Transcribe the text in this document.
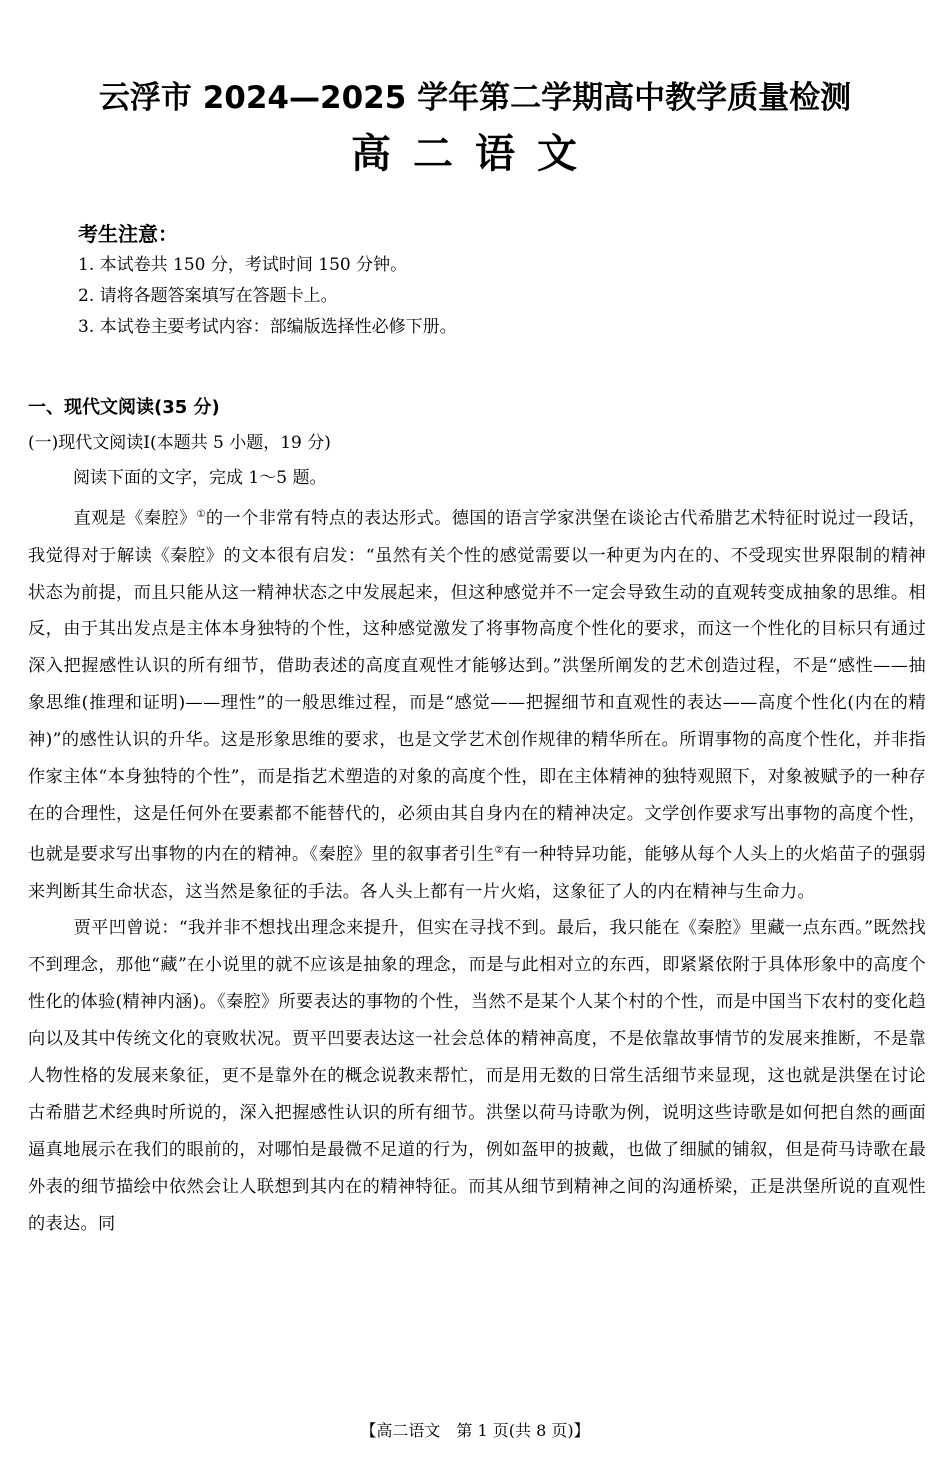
云浮市 2024—2025 学年第二学期高中教学质量检测
高二语文
考生注意：
1. 本试卷共 150 分，考试时间 150 分钟。
2. 请将各题答案填写在答题卡上。
3. 本试卷主要考试内容：部编版选择性必修下册。
一、现代文阅读(35 分)
(一)现代文阅读Ⅰ(本题共 5 小题，19 分)
阅读下面的文字，完成 1～5 题。

直观是《秦腔》①的一个非常有特点的表达形式。德国的语言学家洪堡在谈论古代希腊艺术特征时说过一段话，我觉得对于解读《秦腔》的文本很有启发：“虽然有关个性的感觉需要以一种更为内在的、不受现实世界限制的精神状态为前提，而且只能从这一精神状态之中发展起来，但这种感觉并不一定会导致生动的直观转变成抽象的思维。相反，由于其出发点是主体本身独特的个性，这种感觉激发了将事物高度个性化的要求，而这一个性化的目标只有通过深入把握感性认识的所有细节，借助表述的高度直观性才能够达到。”洪堡所阐发的艺术创造过程，不是“感性——抽象思维(推理和证明)——理性”的一般思维过程，而是“感觉——把握细节和直观性的表达——高度个性化(内在的精神)”的感性认识的升华。这是形象思维的要求，也是文学艺术创作规律的精华所在。所谓事物的高度个性化，并非指作家主体“本身独特的个性”，而是指艺术塑造的对象的高度个性，即在主体精神的独特观照下，对象被赋予的一种存在的合理性，这是任何外在要素都不能替代的，必须由其自身内在的精神决定。文学创作要求写出事物的高度个性，也就是要求写出事物的内在的精神。《秦腔》里的叙事者引生②有一种特异功能，能够从每个人头上的火焰苗子的强弱来判断其生命状态，这当然是象征的手法。各人头上都有一片火焰，这象征了人的内在精神与生命力。

贾平凹曾说：“我并非不想找出理念来提升，但实在寻找不到。最后，我只能在《秦腔》里藏一点东西。”既然找不到理念，那他“藏”在小说里的就不应该是抽象的理念，而是与此相对立的东西，即紧紧依附于具体形象中的高度个性化的体验(精神内涵)。《秦腔》所要表达的事物的个性，当然不是某个人某个村的个性，而是中国当下农村的变化趋向以及其中传统文化的衰败状况。贾平凹要表达这一社会总体的精神高度，不是依靠故事情节的发展来推断，不是靠人物性格的发展来象征，更不是靠外在的概念说教来帮忙，而是用无数的日常生活细节来显现，这也就是洪堡在讨论古希腊艺术经典时所说的，深入把握感性认识的所有细节。洪堡以荷马诗歌为例，说明这些诗歌是如何把自然的画面逼真地展示在我们的眼前的，对哪怕是最微不足道的行为，例如盔甲的披戴，也做了细腻的铺叙，但是荷马诗歌在最外表的细节描绘中依然会让人联想到其内在的精神特征。而其从细节到精神之间的沟通桥梁，正是洪堡所说的直观性的表达。同

【高二语文　第 1 页(共 8 页)】
